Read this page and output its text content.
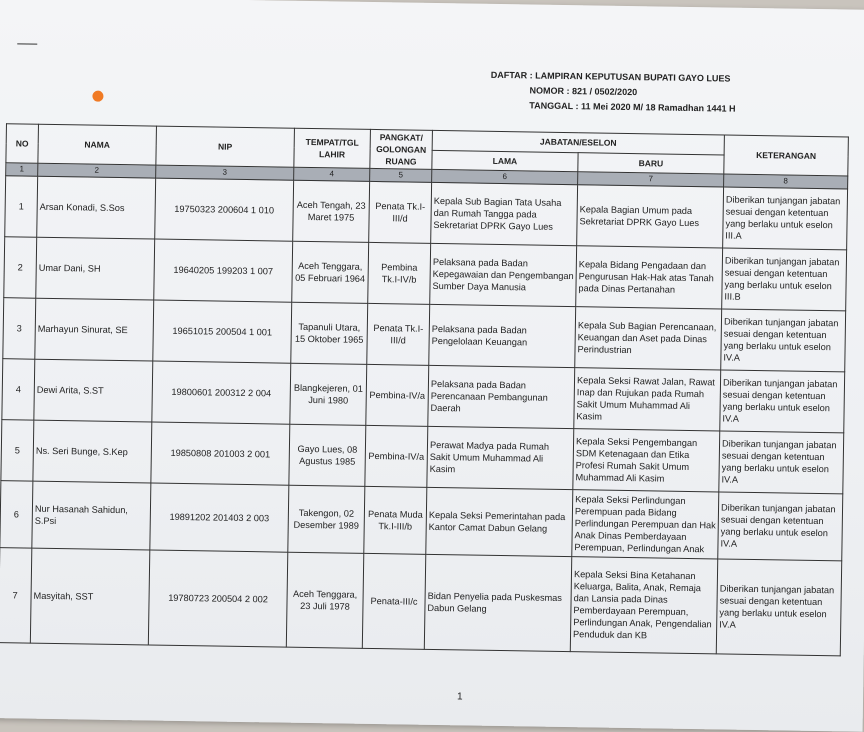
DAFTAR : LAMPIRAN KEPUTUSAN BUPATI GAYO LUES
NOMOR : 821 / 0502/2020
TANGGAL : 11 Mei 2020 M/ 18 Ramadhan 1441 H
NO	NAMA	NIP	TEMPAT/TGL LAHIR	PANGKAT/ GOLONGAN RUANG	JABATAN/ESELON		KETERANGAN
					LAMA	BARU	
1	2	3	4	5	6	7	8
1	Arsan Konadi, S.Sos	19750323 200604 1 010	Aceh Tengah, 23 Maret 1975	Penata Tk.I-III/d	Kepala Sub Bagian Tata Usaha dan Rumah Tangga pada Sekretariat DPRK Gayo Lues	Kepala Bagian Umum pada Sekretariat DPRK Gayo Lues	Diberikan tunjangan jabatan sesuai dengan ketentuan yang berlaku untuk eselon III.A
2	Umar Dani, SH	19640205 199203 1 007	Aceh Tenggara, 05 Februari 1964	Pembina Tk.I-IV/b	Pelaksana pada Badan Kepegawaian dan Pengembangan Sumber Daya Manusia	Kepala Bidang Pengadaan dan Pengurusan Hak-Hak atas Tanah pada Dinas Pertanahan	Diberikan tunjangan jabatan sesuai dengan ketentuan yang berlaku untuk eselon III.B
3	Marhayun Sinurat, SE	19651015 200504 1 001	Tapanuli Utara, 15 Oktober 1965	Penata Tk.I-III/d	Pelaksana pada Badan Pengelolaan Keuangan	Kepala Sub Bagian Perencanaan, Keuangan dan Aset pada Dinas Perindustrian	Diberikan tunjangan jabatan sesuai dengan ketentuan yang berlaku untuk eselon IV.A
4	Dewi Arita, S.ST	19800601 200312 2 004	Blangkejeren, 01 Juni 1980	Pembina-IV/a	Pelaksana pada Badan Perencanaan Pembangunan Daerah	Kepala Seksi Rawat Jalan, Rawat Inap dan Rujukan pada Rumah Sakit Umum Muhammad Ali Kasim	Diberikan tunjangan jabatan sesuai dengan ketentuan yang berlaku untuk eselon IV.A
5	Ns. Seri Bunge, S.Kep	19850808 201003 2 001	Gayo Lues, 08 Agustus 1985	Pembina-IV/a	Perawat Madya pada Rumah Sakit Umum Muhammad Ali Kasim	Kepala Seksi Pengembangan SDM Ketenagaan dan Etika Profesi Rumah Sakit Umum Muhammad Ali Kasim	Diberikan tunjangan jabatan sesuai dengan ketentuan yang berlaku untuk eselon IV.A
6	Nur Hasanah Sahidun, S.Psi	19891202 201403 2 003	Takengon, 02 Desember 1989	Penata Muda Tk.I-III/b	Kepala Seksi Pemerintahan pada Kantor Camat Dabun Gelang	Kepala Seksi Perlindungan Perempuan pada Bidang Perlindungan Perempuan dan Hak Anak Dinas Pemberdayaan Perempuan, Perlindungan Anak	Diberikan tunjangan jabatan sesuai dengan ketentuan yang berlaku untuk eselon IV.A
7	Masyitah, SST	19780723 200504 2 002	Aceh Tenggara, 23 Juli 1978	Penata-III/c	Bidan Penyelia pada Puskesmas Dabun Gelang	Kepala Seksi Bina Ketahanan Keluarga, Balita, Anak, Remaja dan Lansia pada Dinas Pemberdayaan Perempuan, Perlindungan Anak, Pengendalian Penduduk dan KB	Diberikan tunjangan jabatan sesuai dengan ketentuan yang berlaku untuk eselon IV.A
1
